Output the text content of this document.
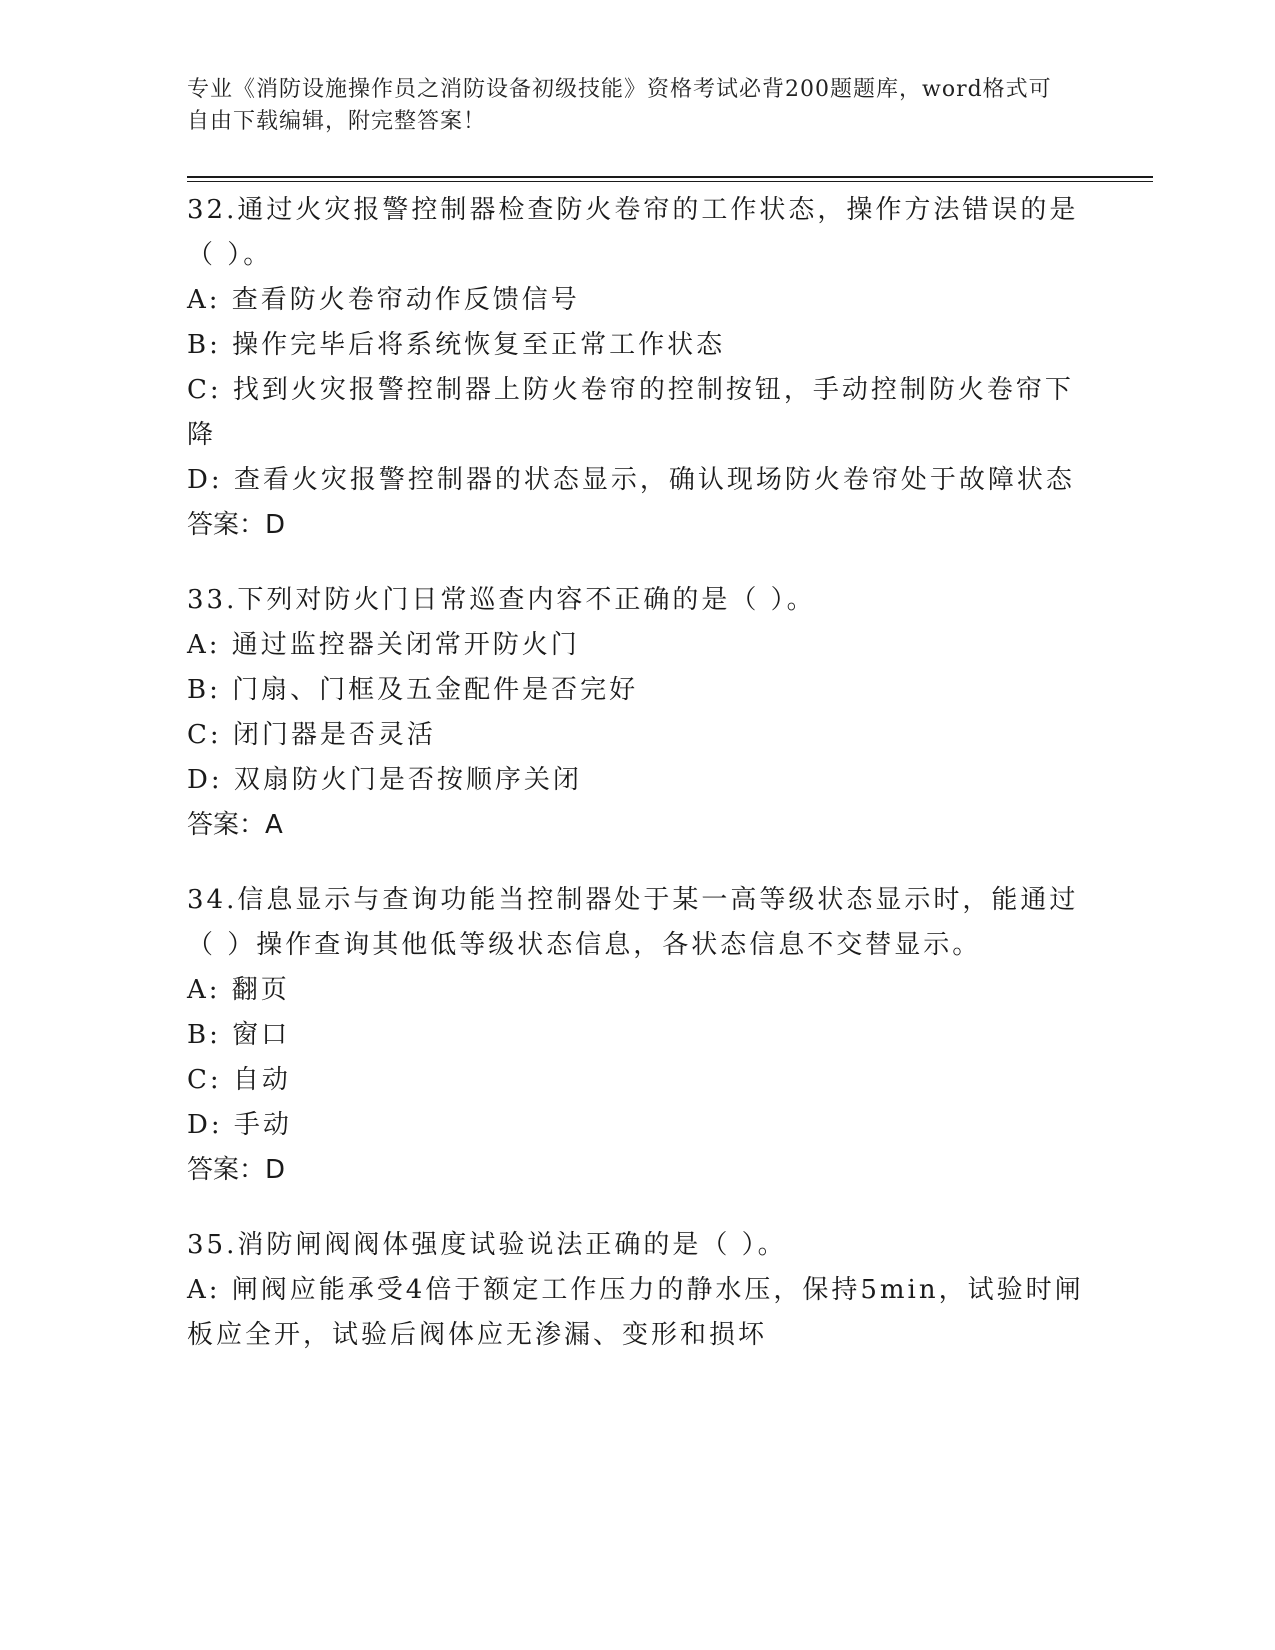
专业《消防设施操作员之消防设备初级技能》资格考试必背200题题库，word格式可自由下载编辑，附完整答案！

32.通过火灾报警控制器检查防火卷帘的工作状态，操作方法错误的是（ ）。

A: 查看防火卷帘动作反馈信号

B: 操作完毕后将系统恢复至正常工作状态

C: 找到火灾报警控制器上防火卷帘的控制按钮，手动控制防火卷帘下降

D: 查看火灾报警控制器的状态显示，确认现场防火卷帘处于故障状态

答案：D

33.下列对防火门日常巡查内容不正确的是（ ）。

A: 通过监控器关闭常开防火门

B: 门扇、门框及五金配件是否完好

C: 闭门器是否灵活

D: 双扇防火门是否按顺序关闭

答案：A

34.信息显示与查询功能当控制器处于某一高等级状态显示时，能通过（ ）操作查询其他低等级状态信息，各状态信息不交替显示。

A: 翻页

B: 窗口

C: 自动

D: 手动

答案：D

35.消防闸阀阀体强度试验说法正确的是（ ）。

A: 闸阀应能承受4倍于额定工作压力的静水压，保持5min，试验时闸板应全开，试验后阀体应无渗漏、变形和损坏
